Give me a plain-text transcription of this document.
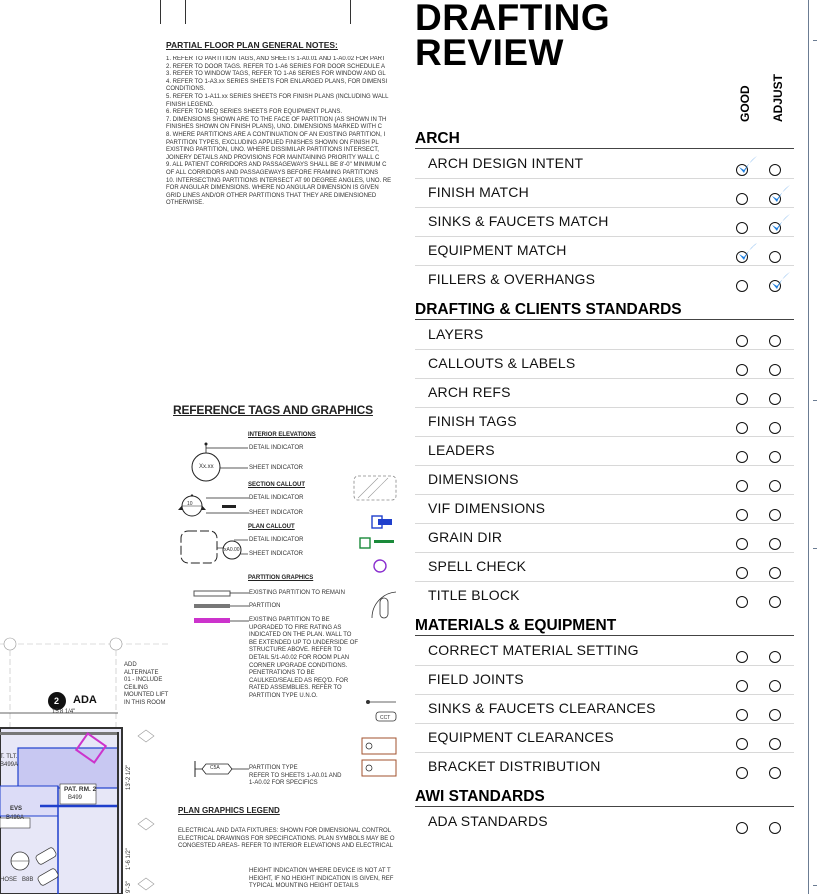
PARTIAL FLOOR PLAN GENERAL NOTES:
1. REFER TO PARTITION TAGS, AND SHEETS 1-A0.01 AND 1-A0.02 FOR PART
2. REFER TO DOOR TAGS. REFER TO 1-A6 SERIES FOR DOOR SCHEDULE A
3. REFER TO WINDOW TAGS, REFER TO 1-A6 SERIES FOR WINDOW AND GL
4. REFER TO 1-A3.xx SERIES SHEETS FOR ENLARGED PLANS, FOR DIMENSI
CONDITIONS.
5. REFER TO 1-A11.xx SERIES SHEETS FOR FINISH PLANS (INCLUDING WALL
FINISH LEGEND.
6. REFER TO MEQ SERIES SHEETS FOR EQUIPMENT PLANS.
7. DIMENSIONS SHOWN ARE TO THE FACE OF PARTITION (AS SHOWN IN TH
FINISHES SHOWN ON FINISH PLANS), UNO. DIMENSIONS MARKED WITH C
8. WHERE PARTITIONS ARE A CONTINUATION OF AN EXISTING PARTITION, I
PARTITION TYPES, EXCLUDING APPLIED FINISHES SHOWN ON FINISH PL
EXISTING PARTITION, UNO. WHERE DISSIMILAR PARTITIONS INTERSECT,
JOINERY DETAILS AND PROVISIONS FOR MAINTAINING PRIORITY WALL C
9. ALL PATIENT CORRIDORS AND PASSAGEWAYS SHALL BE 8'-0" MINIMUM C
OF ALL CORRIDORS AND PASSAGEWAYS BEFORE FRAMING PARTITIONS
10. INTERSECTING PARTITIONS INTERSECT AT 90 DEGREE ANGLES, UNO. RE
FOR ANGULAR DIMENSIONS. WHERE NO ANGULAR DIMENSION IS GIVEN
GRID LINES AND/OR OTHER PARTITIONS THAT THEY ARE DIMENSIONED
OTHERWISE.
REFERENCE TAGS AND GRAPHICS
INTERIOR ELEVATIONS
Xx.xx
DETAIL INDICATOR
SHEET INDICATOR
SECTION CALLOUT
10
DETAIL INDICATOR
SHEET INDICATOR
PLAN CALLOUT
xA0.00
DETAIL INDICATOR
SHEET INDICATOR
PARTITION GRAPHICS
EXISTING PARTITION TO REMAIN
PARTITION
EXISTING PARTITION TO BE
UPGRADED TO FIRE RATING AS
INDICATED ON THE PLAN. WALL TO
BE EXTENDED UP TO UNDERSIDE OF
STRUCTURE ABOVE. REFER TO
DETAIL 5/1-A0.02 FOR ROOM PLAN
CORNER UPGRADE CONDITIONS.
PENETRATIONS TO BE
CAULKED/SEALED AS REQ'D. FOR
RATED ASSEMBLIES. REFER TO
PARTITION TYPE U.N.O.
C5A	PARTITION TYPE
REFER TO SHEETS 1-A0.01 AND
1-A0.02 FOR SPECIFICS
PLAN GRAPHICS LEGEND
ELECTRICAL AND DATA FIXTURES: SHOWN FOR DIMENSIONAL CONTROL
ELECTRICAL DRAWINGS FOR SPECIFICATIONS. PLAN SYMBOLS MAY BE O
CONGESTED AREAS- REFER TO INTERIOR ELEVATIONS AND ELECTRICAL
HEIGHT INDICATION WHERE DEVICE IS NOT AT T
HEIGHT, IF NO HEIGHT INDICATION IS GIVEN, REF
TYPICAL MOUNTING HEIGHT DETAILS
CCT
ADD
ALTERNATE
01 - INCLUDE
CEILING
MOUNTED LIFT
IN THIS ROOM
2 ADA
15'8 1/4"
T. TLT.
B499A
PAT. RM. 2
B499
EVS
B496A
HOSE B8B
13'-2 1/2"
1'-6 1/2"
9'-3"
DRAFTING
REVIEW
GOOD ADJUST
ARCH
ARCH DESIGN INTENT
FINISH MATCH
SINKS & FAUCETS MATCH
EQUIPMENT MATCH
FILLERS & OVERHANGS
DRAFTING & CLIENTS STANDARDS
LAYERS
CALLOUTS & LABELS
ARCH REFS
FINISH TAGS
LEADERS
DIMENSIONS
VIF DIMENSIONS
GRAIN DIR
SPELL CHECK
TITLE BLOCK
MATERIALS & EQUIPMENT
CORRECT MATERIAL SETTING
FIELD JOINTS
SINKS & FAUCETS CLEARANCES
EQUIPMENT CLEARANCES
BRACKET DISTRIBUTION
AWI STANDARDS
ADA STANDARDS
